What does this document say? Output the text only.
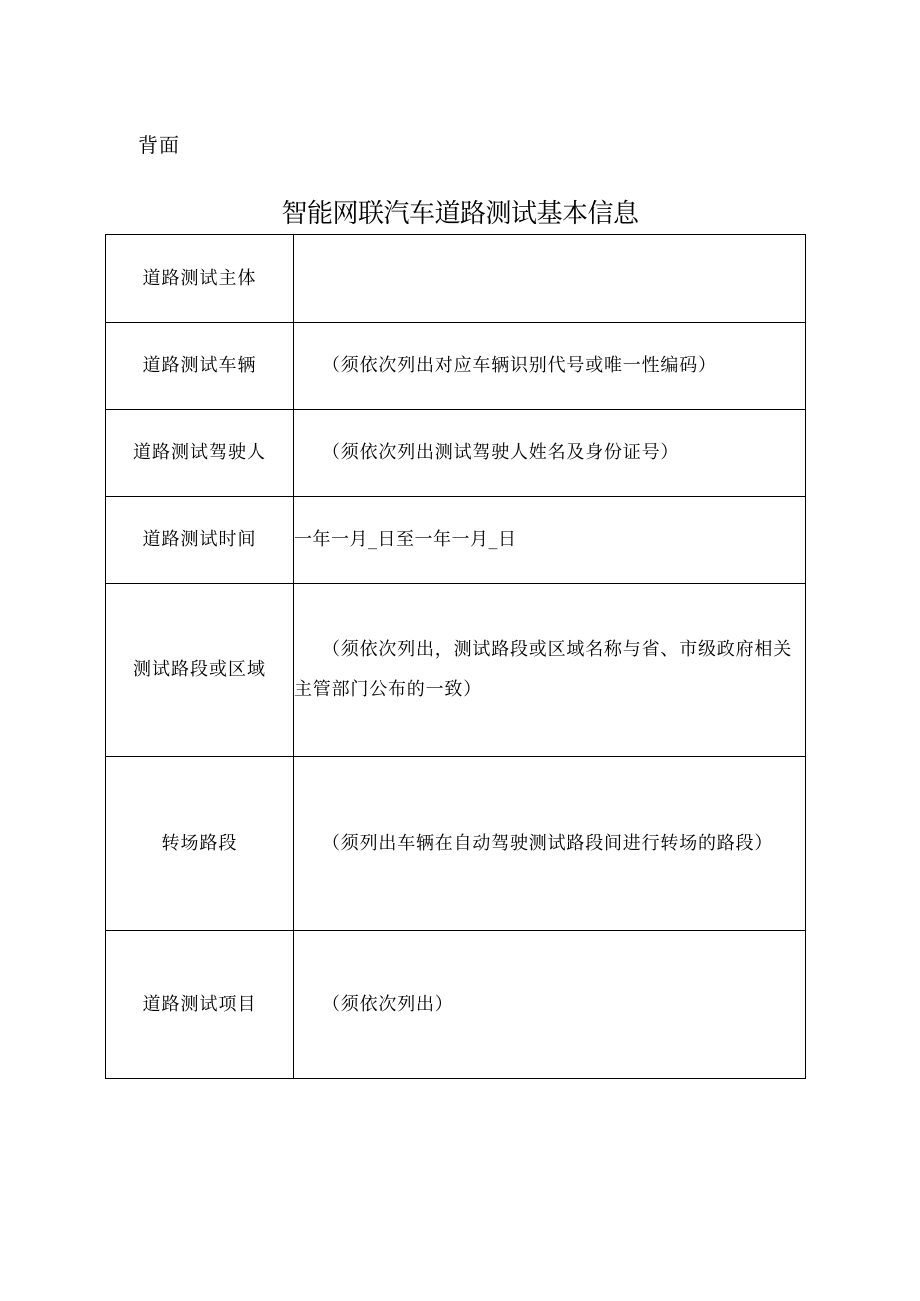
背面
智能网联汽车道路测试基本信息
道路测试主体	

道路测试车辆	（须依次列出对应车辆识别代号或唯一性编码）

道路测试驾驶人	（须依次列出测试驾驶人姓名及身份证号）

道路测试时间	一年一月_日至一年一月_日

测试路段或区域	（须依次列出，测试路段或区域名称与省、市级政府相关主管部门公布的一致）

转场路段	（须列出车辆在自动驾驶测试路段间进行转场的路段）

道路测试项目	（须依次列出）
